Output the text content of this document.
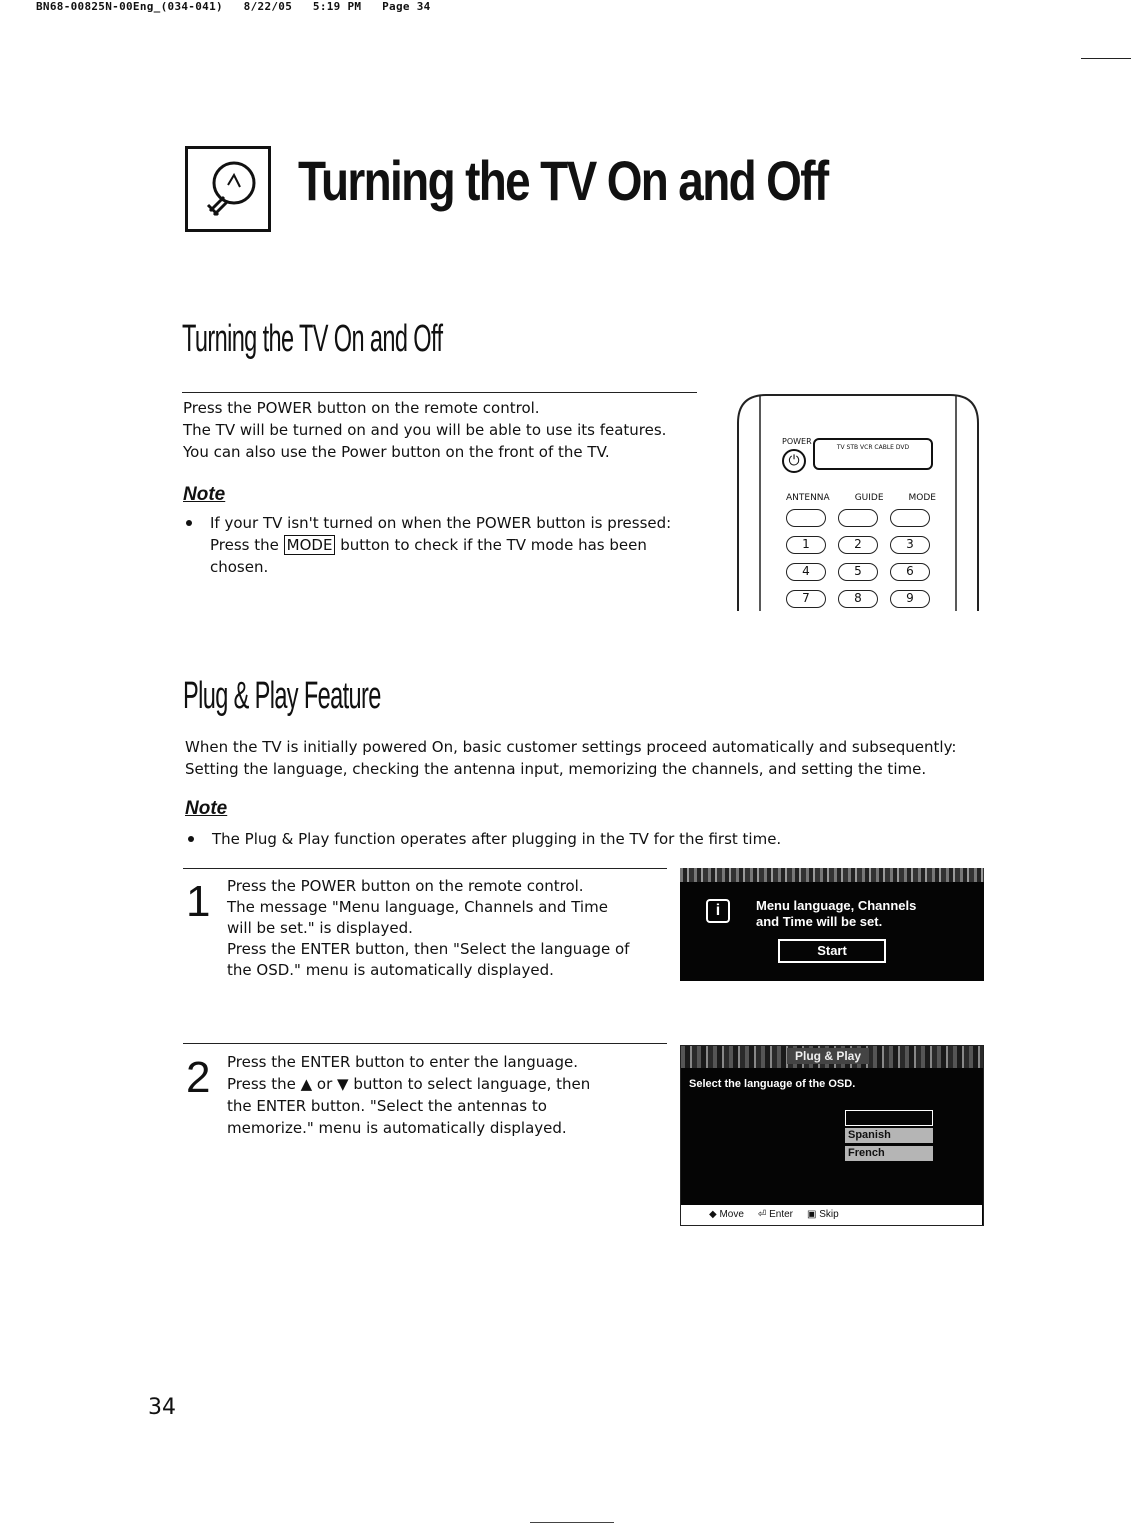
BN68-00825N-00Eng_(034-041)   8/22/05   5:19 PM   Page 34
Turning the TV On and Off
Turning the TV On and Off
Press the POWER button on the remote control.
The TV will be turned on and you will be able to use its features.
You can also use the Power button on the front of the TV.
Note
If your TV isn't turned on when the POWER button is pressed:
Press the MODE button to check if the TV mode has been
chosen.
POWER
⏻
TV STB VCR CABLE DVD
ANTENNA	GUIDE	MODE
1	2	3
4	5	6
7	8	9
Plug & Play Feature
When the TV is initially powered On, basic customer settings proceed automatically and subsequently:
Setting the language, checking the antenna input, memorizing the channels, and setting the time.
Note
The Plug & Play function operates after plugging in the TV for the first time.
1 Press the POWER button on the remote control.
The message "Menu language, Channels and Time
will be set." is displayed.
Press the ENTER button, then "Select the language of
the OSD." menu is automatically displayed.
i	Menu language, Channels
and Time will be set.
Start
2 Press the ENTER button to enter the language.
Press the ▲ or ▼ button to select language, then
the ENTER button. "Select the antennas to
memorize." menu is automatically displayed.
Plug & Play
Select the language of the OSD.
Spanish
French
◆ Move ⏎ Enter ▣ Skip
34
